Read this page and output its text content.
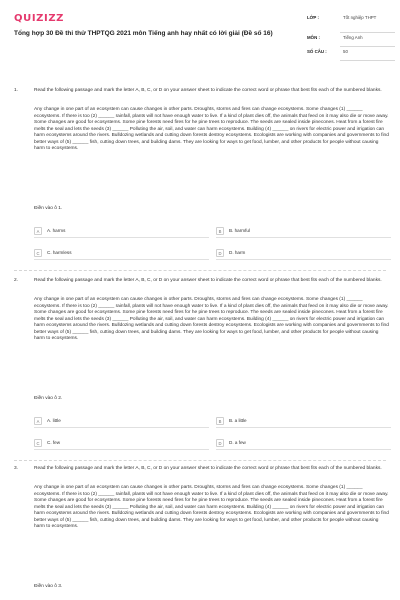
QUIZIZZ
Tổng hợp 30 Đề thi thử THPTQG 2021 môn Tiếng anh hay nhất có lời giải (Đề số 16)
LỚP :	Tốt nghiệp THPT
MÔN :	Tiếng Anh
SỐ CÂU :	50
1.	Read the following passage and mark the letter A, B, C, or D on your answer sheet to indicate the correct word or phrase that best fits each of the numbered blanks.
Any change in one part of an ecosystem can cause changes in other parts. Droughts, storms and fires can change ecosystems. Some changes (1) ______ ecosystems. If there is too (2) ______ rainfall, plants will not have enough water to live. If a kind of plant dies off, the animals that feed on it may also die or move away. Some changes are good for ecosystems. Some pine forests need fires for he pine trees to reproduce. The seeds are sealed inside pinecones. Heat from a forest fire melts the seal and lets the seeds (3) ______ Polluting the air, soil, and water can harm ecosystems. Building (4) ______ on rivers for electric power and irrigation can harm ecosystems around the rivers. Bulldozing wetlands and cutting down forests destroy ecosystems. Ecologists are working with companies and governments to find better ways of (5) ______ fish, cutting down trees, and building dams. They are looking for ways to get food, lumber, and other products for people without causing harm to ecosystems.
Điền vào ô 1.
A	A. harms	B	B. harmful
C	C. harmless	D	D. harm
2.	Read the following passage and mark the letter A, B, C, or D on your answer sheet to indicate the correct word or phrase that best fits each of the numbered blanks.
Any change in one part of an ecosystem can cause changes in other parts. Droughts, storms and fires can change ecosystems. Some changes (1) ______ ecosystems. If there is too (2) ______ rainfall, plants will not have enough water to live. If a kind of plant dies off, the animals that feed on it may also die or move away. Some changes are good for ecosystems. Some pine forests need fires for he pine trees to reproduce. The seeds are sealed inside pinecones. Heat from a forest fire melts the seal and lets the seeds (3) ______ Polluting the air, soil, and water can harm ecosystems. Building (4) ______ on rivers for electric power and irrigation can harm ecosystems around the rivers. Bulldozing wetlands and cutting down forests destroy ecosystems. Ecologists are working with companies and governments to find better ways of (5) ______ fish, cutting down trees, and building dams. They are looking for ways to get food, lumber, and other products for people without causing harm to ecosystems.
Điền vào ô 2.
A	A. little	B	B. a little
C	C. few	D	D. a few
3.	Read the following passage and mark the letter A, B, C, or D on your answer sheet to indicate the correct word or phrase that best fits each of the numbered blanks.
Any change in one part of an ecosystem can cause changes in other parts. Droughts, storms and fires can change ecosystems. Some changes (1) ______ ecosystems. If there is too (2) ______ rainfall, plants will not have enough water to live. If a kind of plant dies off, the animals that feed on it may also die or move away. Some changes are good for ecosystems. Some pine forests need fires for he pine trees to reproduce. The seeds are sealed inside pinecones. Heat from a forest fire melts the seal and lets the seeds (3) ______ Polluting the air, soil, and water can harm ecosystems. Building (4) ______ on rivers for electric power and irrigation can harm ecosystems around the rivers. Bulldozing wetlands and cutting down forests destroy ecosystems. Ecologists are working with companies and governments to find better ways of (5) ______ fish, cutting down trees, and building dams. They are looking for ways to get food, lumber, and other products for people without causing harm to ecosystems.
Điền vào ô 3.
